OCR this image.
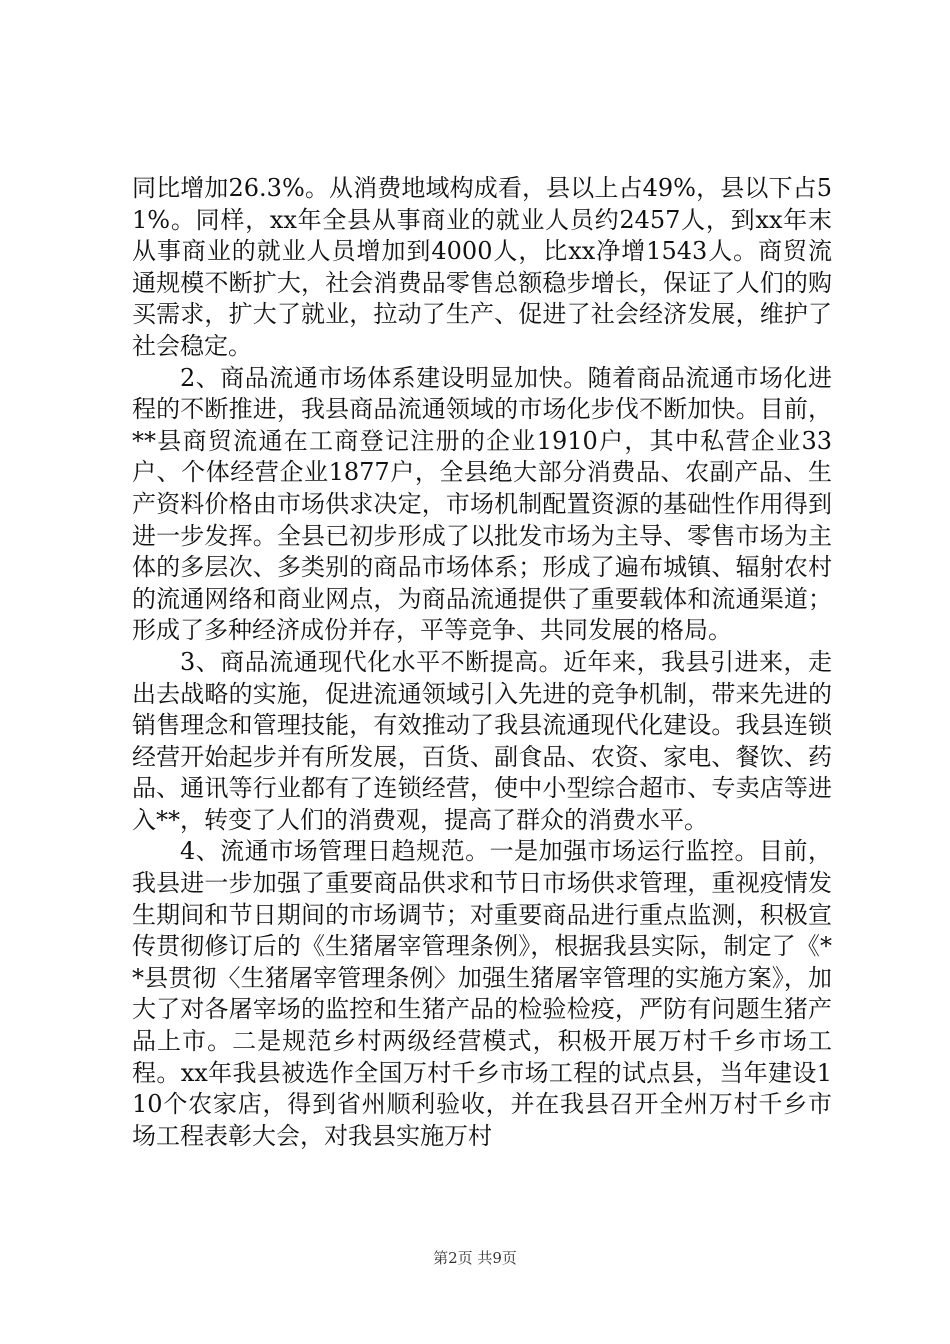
同比增加26.3%。从消费地域构成看，县以上占49%，县以下占51%。同样，xx年全县从事商业的就业人员约2457人，到xx年末从事商业的就业人员增加到4000人，比xx净增1543人。商贸流通规模不断扩大，社会消费品零售总额稳步增长，保证了人们的购买需求，扩大了就业，拉动了生产、促进了社会经济发展，维护了社会稳定。

2、商品流通市场体系建设明显加快。随着商品流通市场化进程的不断推进，我县商品流通领域的市场化步伐不断加快。目前，**县商贸流通在工商登记注册的企业1910户，其中私营企业33户、个体经营企业1877户，全县绝大部分消费品、农副产品、生产资料价格由市场供求决定，市场机制配置资源的基础性作用得到进一步发挥。全县已初步形成了以批发市场为主导、零售市场为主体的多层次、多类别的商品市场体系；形成了遍布城镇、辐射农村的流通网络和商业网点，为商品流通提供了重要载体和流通渠道；形成了多种经济成份并存，平等竞争、共同发展的格局。

3、商品流通现代化水平不断提高。近年来，我县引进来，走出去战略的实施，促进流通领域引入先进的竞争机制，带来先进的销售理念和管理技能，有效推动了我县流通现代化建设。我县连锁经营开始起步并有所发展，百货、副食品、农资、家电、餐饮、药品、通讯等行业都有了连锁经营，使中小型综合超市、专卖店等进入**，转变了人们的消费观，提高了群众的消费水平。

4、流通市场管理日趋规范。一是加强市场运行监控。目前，我县进一步加强了重要商品供求和节日市场供求管理，重视疫情发生期间和节日期间的市场调节；对重要商品进行重点监测，积极宣传贯彻修订后的《生猪屠宰管理条例》，根据我县实际，制定了《**县贯彻〈生猪屠宰管理条例〉加强生猪屠宰管理的实施方案》，加大了对各屠宰场的监控和生猪产品的检验检疫，严防有问题生猪产品上市。二是规范乡村两级经营模式，积极开展万村千乡市场工程。xx年我县被选作全国万村千乡市场工程的试点县，当年建设110个农家店，得到省州顺利验收，并在我县召开全州万村千乡市场工程表彰大会，对我县实施万村

第2页 共9页
